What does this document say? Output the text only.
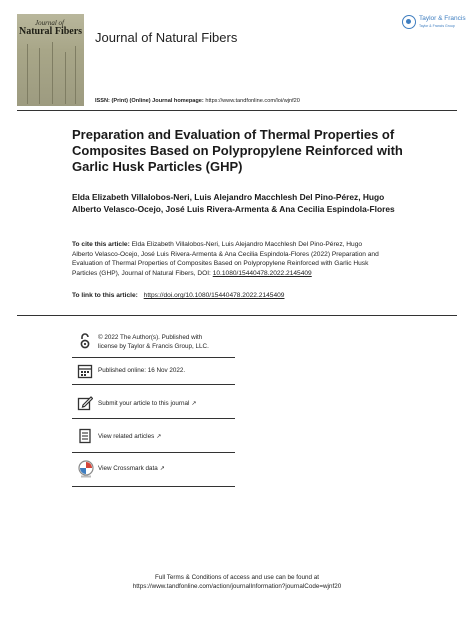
Journal of
Natural Fibers Journal of Natural Fibers
Taylor & Francis
Taylor & Francis Group
ISSN: (Print) (Online) Journal homepage: https://www.tandfonline.com/loi/wjnf20
Preparation and Evaluation of Thermal Properties of Composites Based on Polypropylene Reinforced with Garlic Husk Particles (GHP)
Elda Elizabeth Villalobos-Neri, Luis Alejandro Macchlesh Del Pino-Pérez, Hugo Alberto Velasco-Ocejo, José Luis Rivera-Armenta & Ana Cecilia Espindola-Flores
To cite this article: Elda Elizabeth Villalobos-Neri, Luis Alejandro Macchlesh Del Pino-Pérez, Hugo Alberto Velasco-Ocejo, José Luis Rivera-Armenta & Ana Cecilia Espindola-Flores (2022) Preparation and Evaluation of Thermal Properties of Composites Based on Polypropylene Reinforced with Garlic Husk Particles (GHP), Journal of Natural Fibers, DOI: 10.1080/15440478.2022.2145409
To link to this article: https://doi.org/10.1080/15440478.2022.2145409
© 2022 The Author(s). Published with
license by Taylor & Francis Group, LLC.
Published online: 16 Nov 2022.
Submit your article to this journal ↗
View related articles ↗
View Crossmark data ↗
Full Terms & Conditions of access and use can be found at
https://www.tandfonline.com/action/journalInformation?journalCode=wjnf20
